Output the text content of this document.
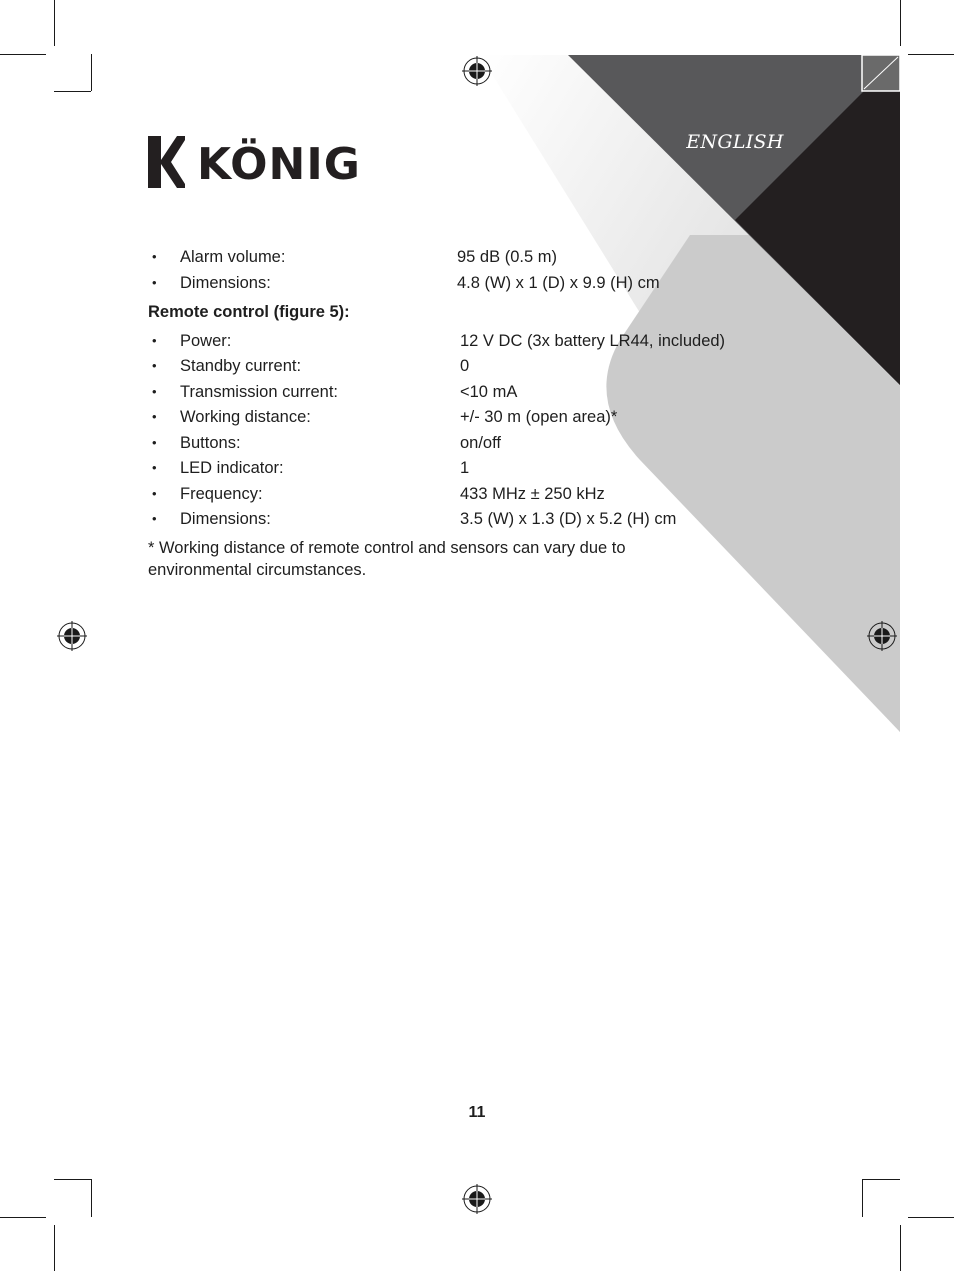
KÖNIG	ENGLISH
• Alarm volume:	95 dB (0.5 m)
• Dimensions:	4.8 (W) x 1 (D) x 9.9 (H) cm
Remote control (figure 5):
• Power:	12 V DC (3x battery LR44, included)
• Standby current:	0
• Transmission current:	<10 mA
• Working distance:	+/- 30 m (open area)*
• Buttons:	on/off
• LED indicator:	1
• Frequency:	433 MHz ± 250 kHz
• Dimensions:	3.5 (W) x 1.3 (D) x 5.2 (H) cm
* Working distance of remote control and sensors can vary due to
environmental circumstances.
11
